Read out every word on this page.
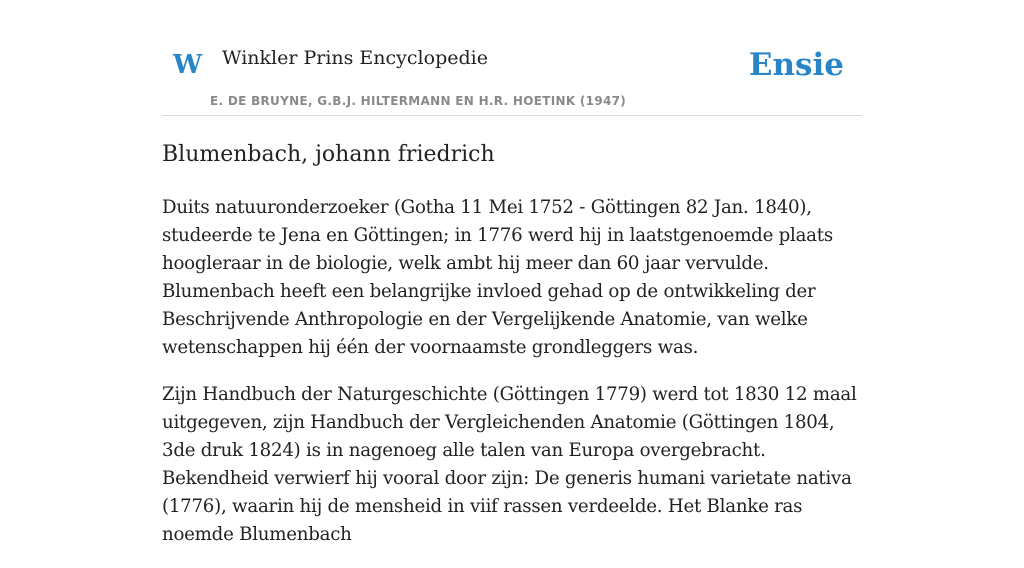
W Winkler Prins Encyclopedie
E. DE BRUYNE, G.B.J. HILTERMANN EN H.R. HOETINK (1947)
Ensie
Blumenbach, johann friedrich

Duits natuuronderzoeker (Gotha 11 Mei 1752 - Göttingen 82 Jan. 1840), studeerde te Jena en Göttingen; in 1776 werd hij in laatstgenoemde plaats hoogleraar in de biologie, welk ambt hij meer dan 60 jaar vervulde. Blumenbach heeft een belangrijke invloed gehad op de ontwikkeling der Beschrijvende Anthropologie en der Vergelijkende Anatomie, van welke wetenschappen hij één der voornaamste grondleggers was.

Zijn Handbuch der Naturgeschichte (Göttingen 1779) werd tot 1830 12 maal uitgegeven, zijn Handbuch der Vergleichenden Anatomie (Göttingen 1804, 3de druk 1824) is in nagenoeg alle talen van Europa overgebracht. Bekendheid verwierf hij vooral door zijn: De generis humani varietate nativa (1776), waarin hij de mensheid in viif rassen verdeelde. Het Blanke ras noemde Blumenbach
